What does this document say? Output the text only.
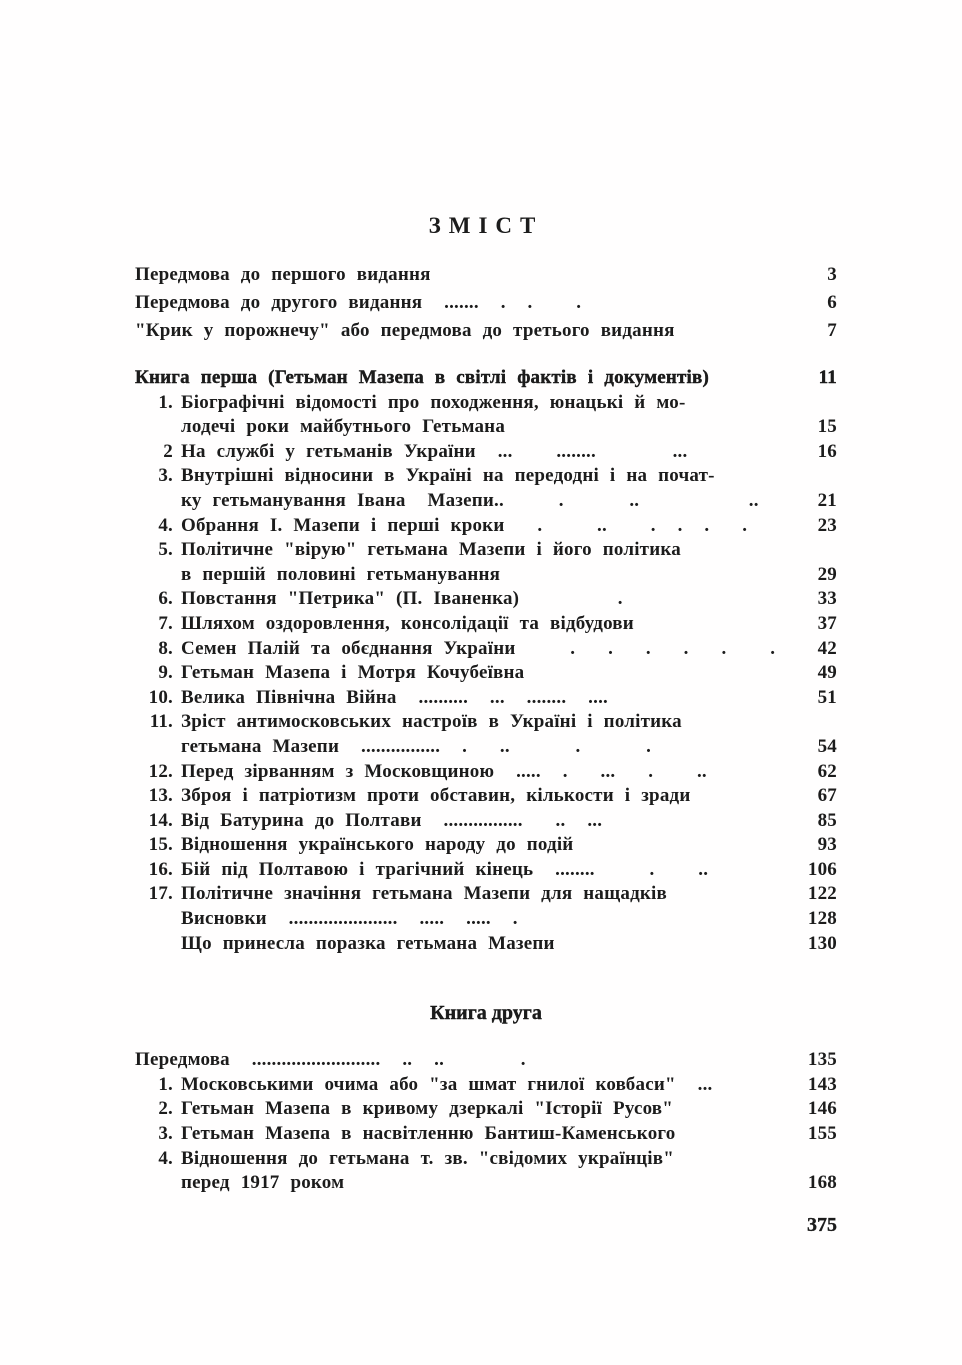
ЗМІСТ
Передмова до першого видання	3
Передмова до другого видання  .......  .  .    .	6
"Крик у порожнечу" або передмова до третього видання	7
Книга перша (Гетьман Мазепа в світлі фактів і документів)	11
1. Біографічні відомості про походження, юнацькі й мо-
лодечі роки майбутнього Гетьмана	15
2 На службі у гетьманів України  ...    ........       ...	16
3. Внутрішні відносини в Україні на передодні і на почат-
ку гетьманування Івана  Мазепи..     .      ..          ..	21
4. Обрання І. Мазепи і перші кроки   .     ..    .  .  .   .	23
5. Політичне "вірую" гетьмана Мазепи і його політика
в першій половині гетьманування	29
6. Повстання "Петрика" (П. Іваненка)         .	33
7. Шляхом оздоровлення, консолідації та відбудови	37
8. Семен Палій та обєднання України     .   .   .   .   .    .	42
9. Гетьман Мазепа і Мотря Кочубеївна	49
10. Велика Північна Війна  ..........  ...  ........  ....	51
11. Зріст антимосковських настроїв в Україні і політика
гетьмана Мазепи  ................  .   ..      .      .	54
12. Перед зірванням з Московщиною  .....  .   ...   .    ..	62
13. Зброя і патріотизм проти обставин, кількости і зради	67
14. Від Батурина до Полтави  ................   ..  ...	85
15. Відношення українського народу до подій	93
16. Бій під Полтавою і трагічний кінець  ........     .    ..	106
17. Політичне значіння гетьмана Мазепи для нащадків	122
Висновки  ......................  .....  .....  .	128
Що принесла поразка гетьмана Мазепи	130
Книга друга
Передмова  ..........................  ..  ..       .	135
1. Московськими очима або "за шмат гнилої ковбаси"  ...	143
2. Гетьман Мазепа в кривому дзеркалі "Історії Русов"	146
3. Гетьман Мазепа в насвітленню Бантиш-Каменського	155
4. Відношення до гетьмана т. зв. "свідомих українців"
перед 1917 роком	168
375
